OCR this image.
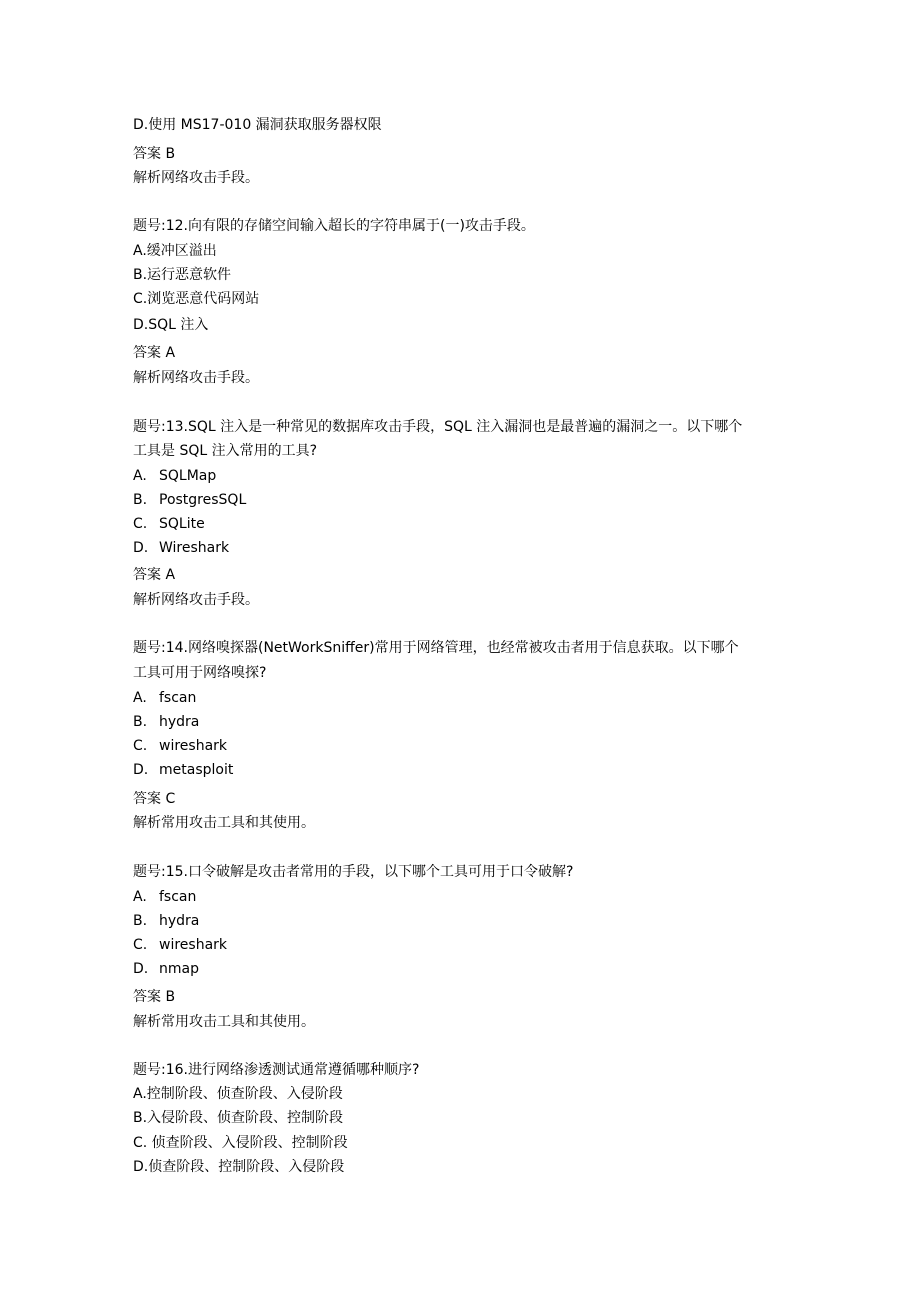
D.使用 MS17-010 漏洞获取服务器权限
答案 B
解析网络攻击手段。
题号:12.向有限的存储空间输入超长的字符串属于(一)攻击手段。
A.缓冲区溢出
B.运行恶意软件
C.浏览恶意代码网站
D.SQL 注入
答案 A
解析网络攻击手段。
题号:13.SQL 注入是一种常见的数据库攻击手段，SQL 注入漏洞也是最普遍的漏洞之一。以下哪个
工具是 SQL 注入常用的工具?
A. SQLMap
B. PostgresSQL
C. SQLite
D. Wireshark
答案 A
解析网络攻击手段。
题号:14.网络嗅探器(NetWorkSniffer)常用于网络管理，也经常被攻击者用于信息获取。以下哪个
工具可用于网络嗅探?
A. fscan
B. hydra
C. wireshark
D. metasploit
答案 C
解析常用攻击工具和其使用。
题号:15.口令破解是攻击者常用的手段，以下哪个工具可用于口令破解?
A. fscan
B. hydra
C. wireshark
D. nmap
答案 B
解析常用攻击工具和其使用。
题号:16.进行网络渗透测试通常遵循哪种顺序?
A.控制阶段、侦查阶段、入侵阶段
B.入侵阶段、侦查阶段、控制阶段
C. 侦查阶段、入侵阶段、控制阶段
D.侦查阶段、控制阶段、入侵阶段
